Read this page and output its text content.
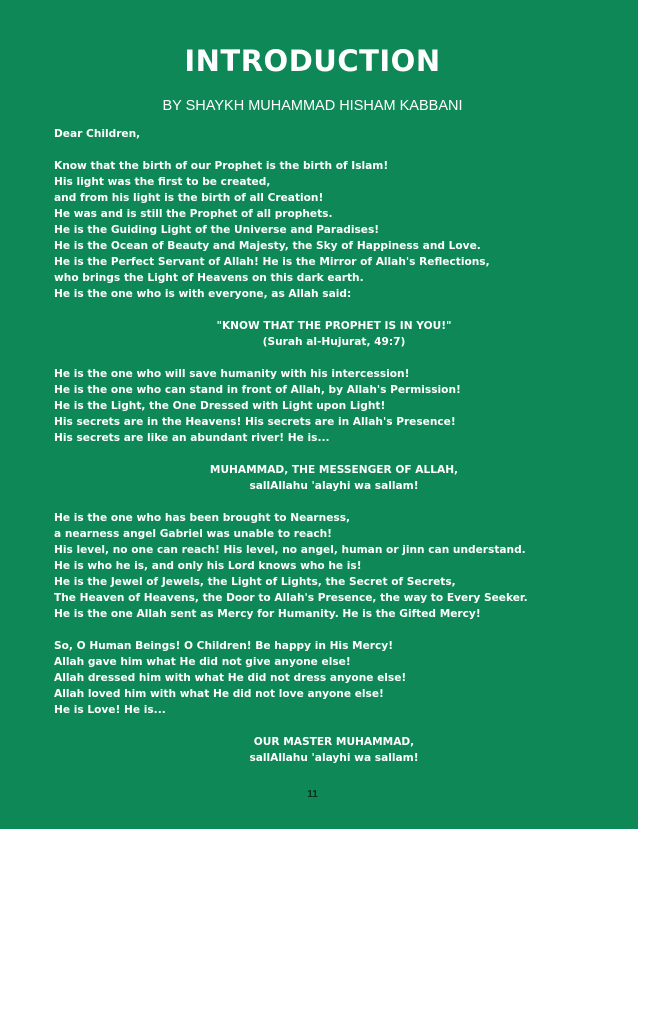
INTRODUCTION
BY SHAYKH MUHAMMAD HISHAM KABBANI
Dear Children,
Know that the birth of our Prophet is the birth of Islam!
His light was the first to be created,
and from his light is the birth of all Creation!
He was and is still the Prophet of all prophets.
He is the Guiding Light of the Universe and Paradises!
He is the Ocean of Beauty and Majesty, the Sky of Happiness and Love.
He is the Perfect Servant of Allah! He is the Mirror of Allah's Reflections,
who brings the Light of Heavens on this dark earth.
He is the one who is with everyone, as Allah said:
"KNOW THAT THE PROPHET IS IN YOU!"
(Surah al-Hujurat, 49:7)
He is the one who will save humanity with his intercession!
He is the one who can stand in front of Allah, by Allah's Permission!
He is the Light, the One Dressed with Light upon Light!
His secrets are in the Heavens! His secrets are in Allah's Presence!
His secrets are like an abundant river! He is...
MUHAMMAD, THE MESSENGER OF ALLAH,
sallAllahu 'alayhi wa sallam!
He is the one who has been brought to Nearness,
a nearness angel Gabriel was unable to reach!
His level, no one can reach! His level, no angel, human or jinn can understand.
He is who he is, and only his Lord knows who he is!
He is the Jewel of Jewels, the Light of Lights, the Secret of Secrets,
The Heaven of Heavens, the Door to Allah's Presence, the way to Every Seeker.
He is the one Allah sent as Mercy for Humanity. He is the Gifted Mercy!
So, O Human Beings! O Children! Be happy in His Mercy!
Allah gave him what He did not give anyone else!
Allah dressed him with what He did not dress anyone else!
Allah loved him with what He did not love anyone else!
He is Love! He is...
OUR MASTER MUHAMMAD,
sallAllahu 'alayhi wa sallam!
11
